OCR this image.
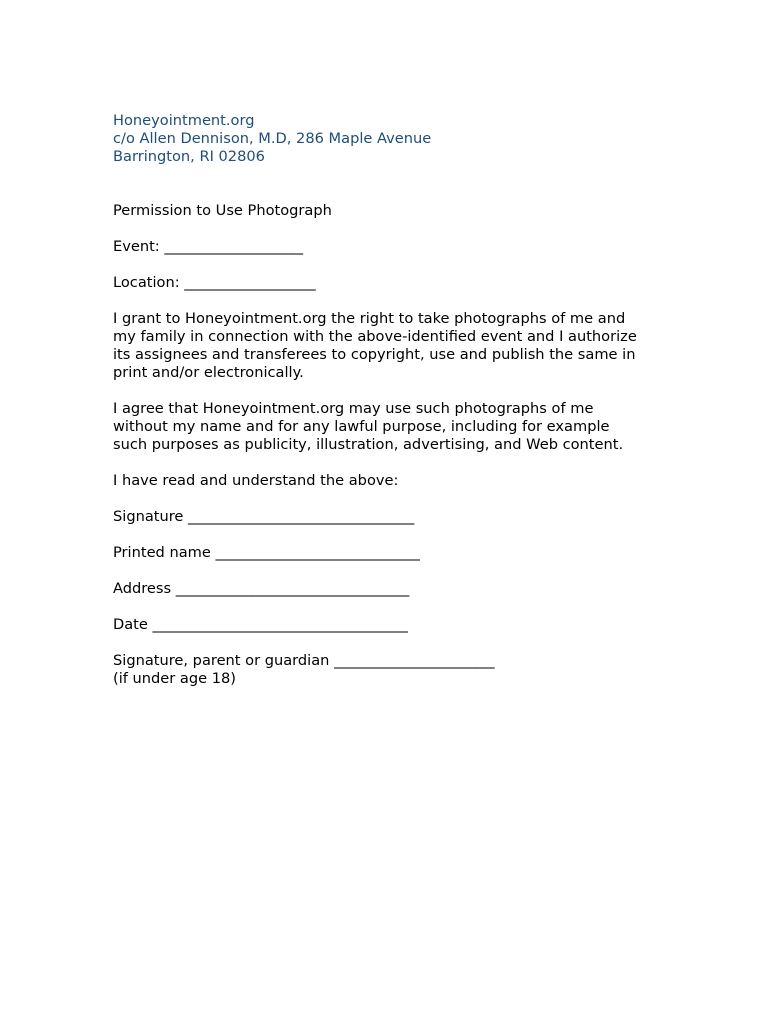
Honeyointment.org
c/o Allen Dennison, M.D, 286 Maple Avenue
Barrington, RI 02806
Permission to Use Photograph
Event: ___________________
Location: __________________
I grant to Honeyointment.org the right to take photographs of me and
my family in connection with the above-identified event and I authorize
its assignees and transferees to copyright, use and publish the same in
print and/or electronically.
I agree that Honeyointment.org may use such photographs of me
without my name and for any lawful purpose, including for example
such purposes as publicity, illustration, advertising, and Web content.
I have read and understand the above:
Signature _______________________________
Printed name ____________________________
Address ________________________________
Date ___________________________________
Signature, parent or guardian ______________________
(if under age 18)
